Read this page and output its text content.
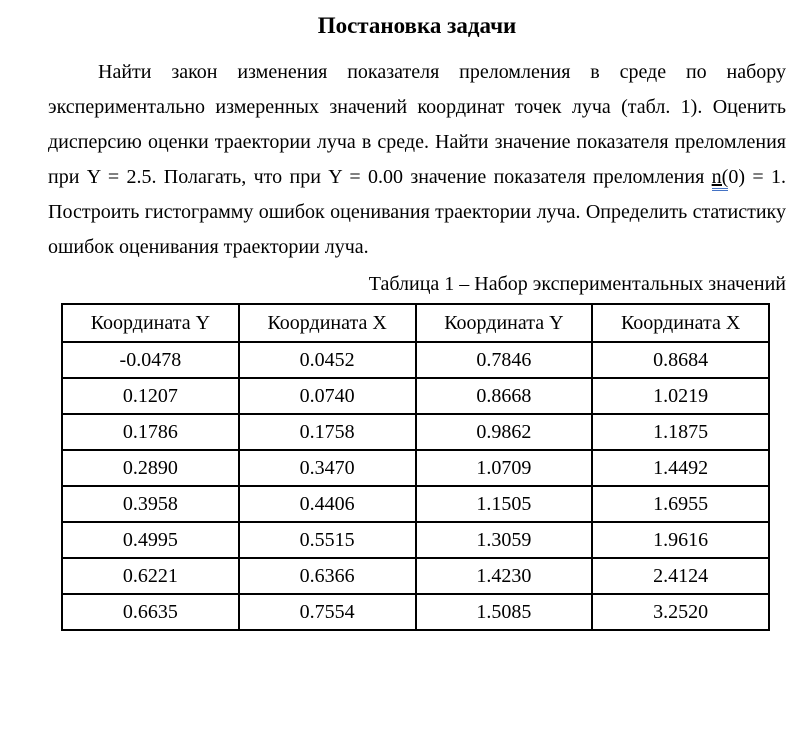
Постановка задачи

Найти закон изменения показателя преломления в среде по набору экспериментально измеренных значений координат точек луча (табл. 1). Оценить дисперсию оценки траектории луча в среде. Найти значение показателя преломления при Y = 2.5. Полагать, что при Y = 0.00 значение показателя преломления n(0) = 1. Построить гистограмму ошибок оценивания траектории луча. Определить статистику ошибок оценивания траектории луча.

Таблица 1 – Набор экспериментальных значений
Координата Y	Координата X	Координата Y	Координата X
-0.0478	0.0452	0.7846	0.8684
0.1207	0.0740	0.8668	1.0219
0.1786	0.1758	0.9862	1.1875
0.2890	0.3470	1.0709	1.4492
0.3958	0.4406	1.1505	1.6955
0.4995	0.5515	1.3059	1.9616
0.6221	0.6366	1.4230	2.4124
0.6635	0.7554	1.5085	3.2520
